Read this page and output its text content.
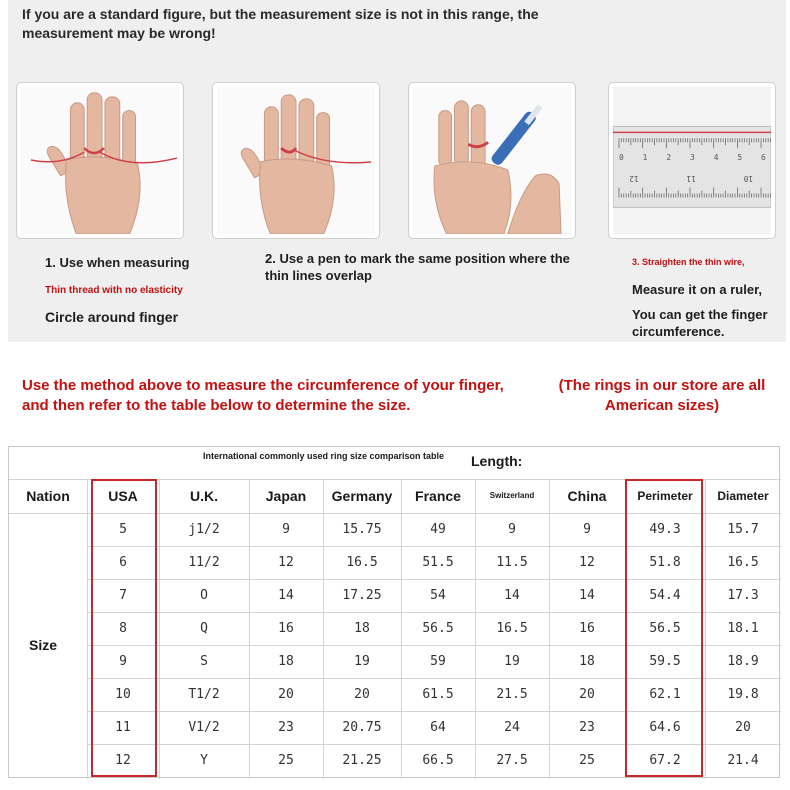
If you are a standard figure, but the measurement size is not in this range, the measurement may be wrong!
0 1 2 3 4 5 6
12	11	10
1. Use when measuring
Thin thread with no elasticity
Circle around finger
2. Use a pen to mark the same position where the thin lines overlap
3. Straighten the thin wire,
Measure it on a ruler,
You can get the finger circumference.
Use the method above to measure the circumference of your finger, and then refer to the table below to determine the size.
(The rings in our store are all American sizes)
International commonly used ring size comparison table	Length:
Nation	USA	U.K.	Japan	Germany	France	Switzerland	China	Perimeter	Diameter
Size
5	j1/2	9	15.75	49	9	9	49.3	15.7
6	11/2	12	16.5	51.5	11.5	12	51.8	16.5
7	O	14	17.25	54	14	14	54.4	17.3
8	Q	16	18	56.5	16.5	16	56.5	18.1
9	S	18	19	59	19	18	59.5	18.9
10	T1/2	20	20	61.5	21.5	20	62.1	19.8
11	V1/2	23	20.75	64	24	23	64.6	20
12	Y	25	21.25	66.5	27.5	25	67.2	21.4
